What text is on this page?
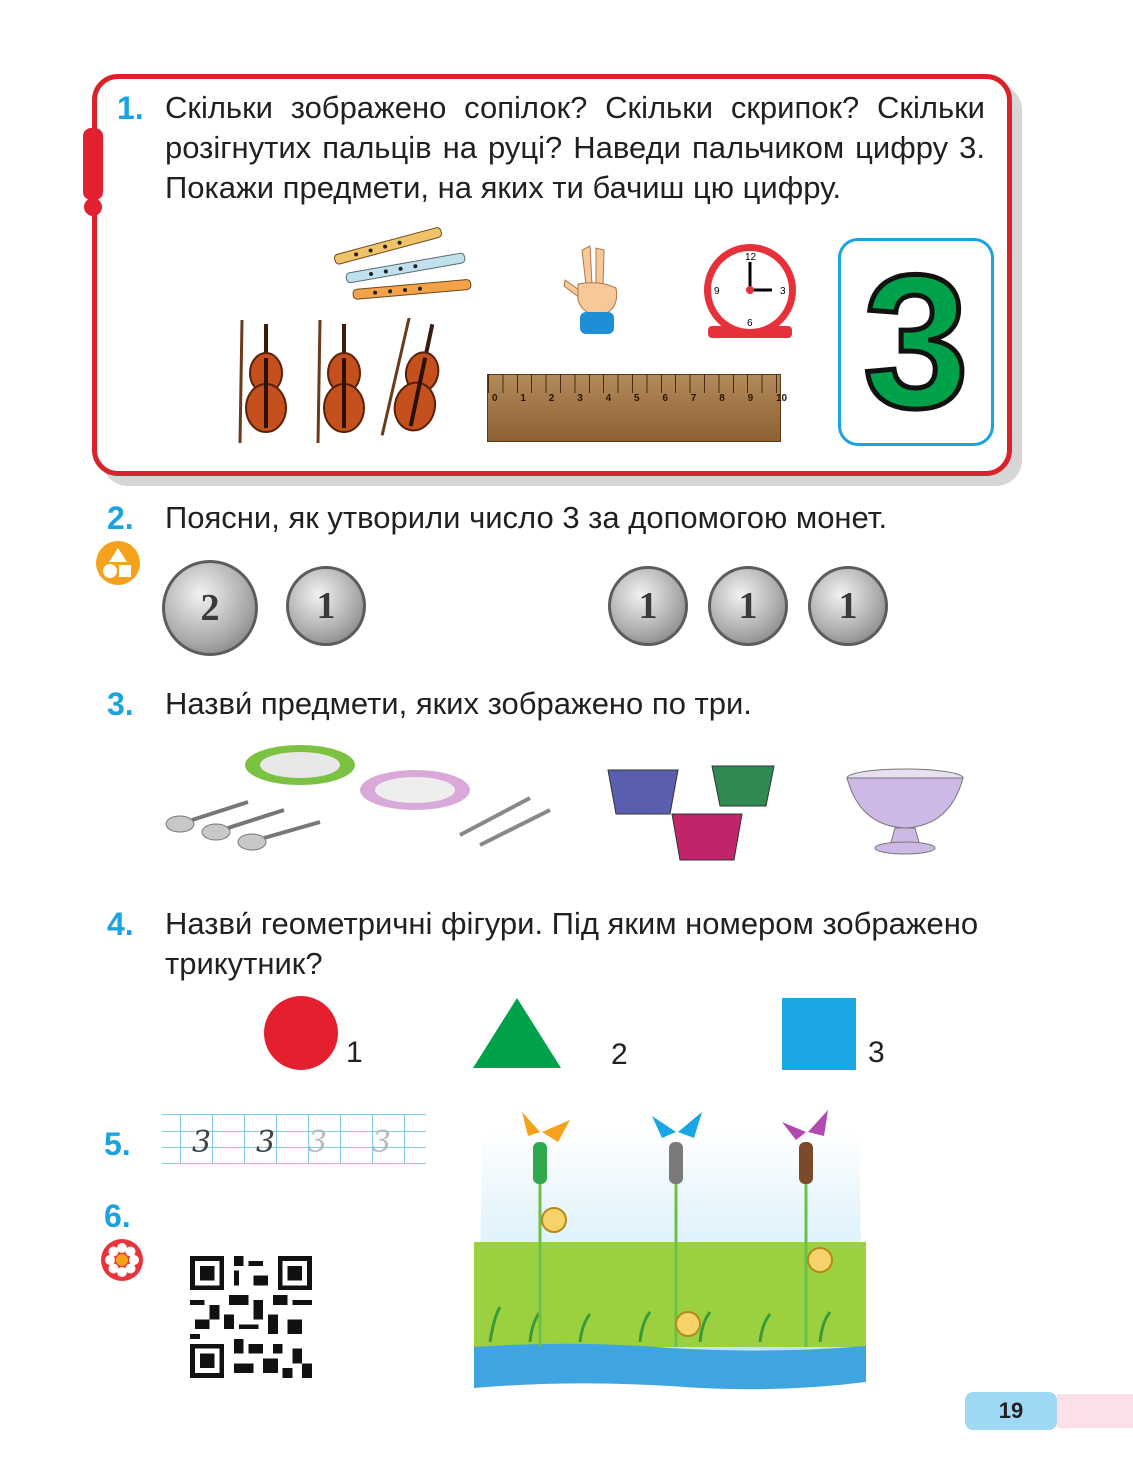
1. Скільки зображено сопілок? Скільки скрипок? Скільки розігнутих пальців на руці? Наведи пальчиком цифру 3. Покажи предмети, на яких ти бачиш цю цифру.
12
3
6
9
0 1 2 3 4 5 6 7 8 9 10 3
2. Поясни, як утворили число 3 за допомогою монет.
2	1	1 1 1
3. Назви́ предмети, яких зображено по три.
4. Назви́ геометричні фігури. Під яким номером зображено трикутник?
1	2	3
5. 3 3 3 3
6.
19
